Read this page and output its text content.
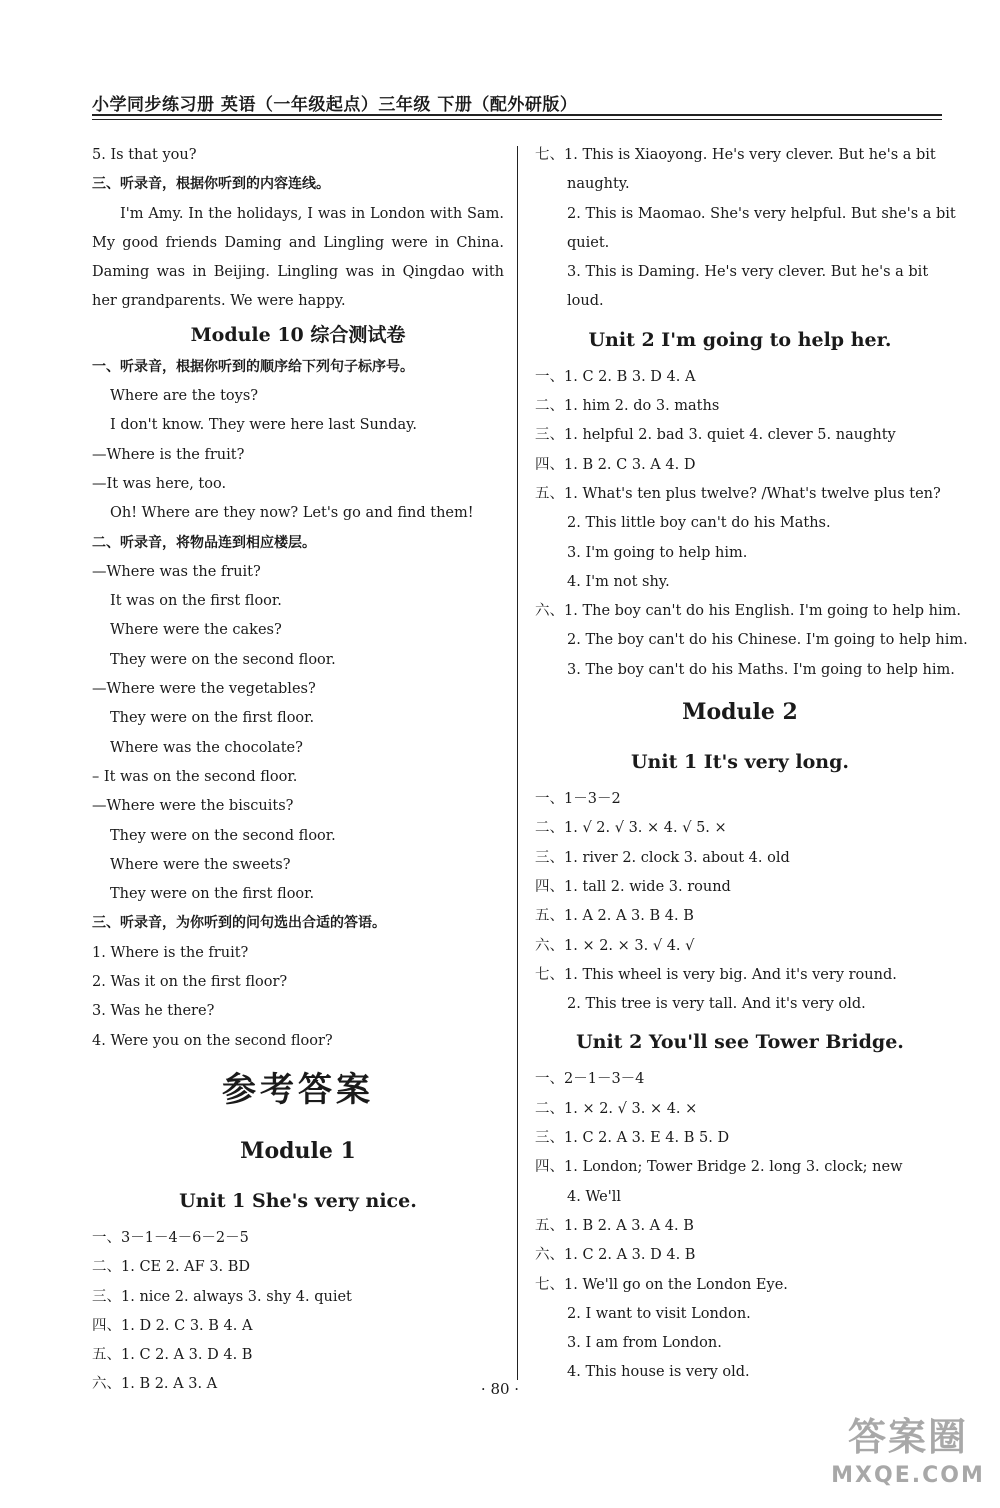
小学同步练习册 英语（一年级起点）三年级 下册（配外研版）
5. Is that you?
三、听录音，根据你听到的内容连线。

I'm Amy. In the holidays, I was in London with Sam. My good friends Daming and Lingling were in China. Daming was in Beijing. Lingling was in Qingdao with her grandparents. We were happy.

Module 10 综合测试卷
一、听录音，根据你听到的顺序给下列句子标序号。
Where are the toys?
I don't know. They were here last Sunday.
—Where is the fruit?
—It was here, too.
Oh! Where are they now? Let's go and find them!
二、听录音，将物品连到相应楼层。
—Where was the fruit?
It was on the first floor.
Where were the cakes?
They were on the second floor.
—Where were the vegetables?
They were on the first floor.
Where was the chocolate?
– It was on the second floor.
—Where were the biscuits?
They were on the second floor.
Where were the sweets?
They were on the first floor.
三、听录音，为你听到的问句选出合适的答语。
1. Where is the fruit?
2. Was it on the first floor?
3. Was he there?
4. Were you on the second floor?
参考答案
Module 1
Unit 1 She's very nice.
一、3－1－4－6－2－5
二、1. CE 2. AF 3. BD
三、1. nice 2. always 3. shy 4. quiet
四、1. D 2. C 3. B 4. A
五、1. C 2. A 3. D 4. B
六、1. B 2. A 3. A
七、1. This is Xiaoyong. He's very clever. But he's a bit
naughty.
2. This is Maomao. She's very helpful. But she's a bit
quiet.
3. This is Daming. He's very clever. But he's a bit
loud.
Unit 2 I'm going to help her.
一、1. C 2. B 3. D 4. A
二、1. him 2. do 3. maths
三、1. helpful 2. bad 3. quiet 4. clever 5. naughty
四、1. B 2. C 3. A 4. D
五、1. What's ten plus twelve? /What's twelve plus ten?
2. This little boy can't do his Maths.
3. I'm going to help him.
4. I'm not shy.
六、1. The boy can't do his English. I'm going to help him.
2. The boy can't do his Chinese. I'm going to help him.
3. The boy can't do his Maths. I'm going to help him.
Module 2
Unit 1 It's very long.
一、1－3－2
二、1. √ 2. √ 3. × 4. √ 5. ×
三、1. river 2. clock 3. about 4. old
四、1. tall 2. wide 3. round
五、1. A 2. A 3. B 4. B
六、1. × 2. × 3. √ 4. √
七、1. This wheel is very big. And it's very round.
2. This tree is very tall. And it's very old.
Unit 2 You'll see Tower Bridge.
一、2－1－3－4
二、1. × 2. √ 3. × 4. ×
三、1. C 2. A 3. E 4. B 5. D
四、1. London; Tower Bridge 2. long 3. clock; new
4. We'll
五、1. B 2. A 3. A 4. B
六、1. C 2. A 3. D 4. B
七、1. We'll go on the London Eye.
2. I want to visit London.
3. I am from London.
4. This house is very old.
· 80 ·
答案圈
MXQE.COM
